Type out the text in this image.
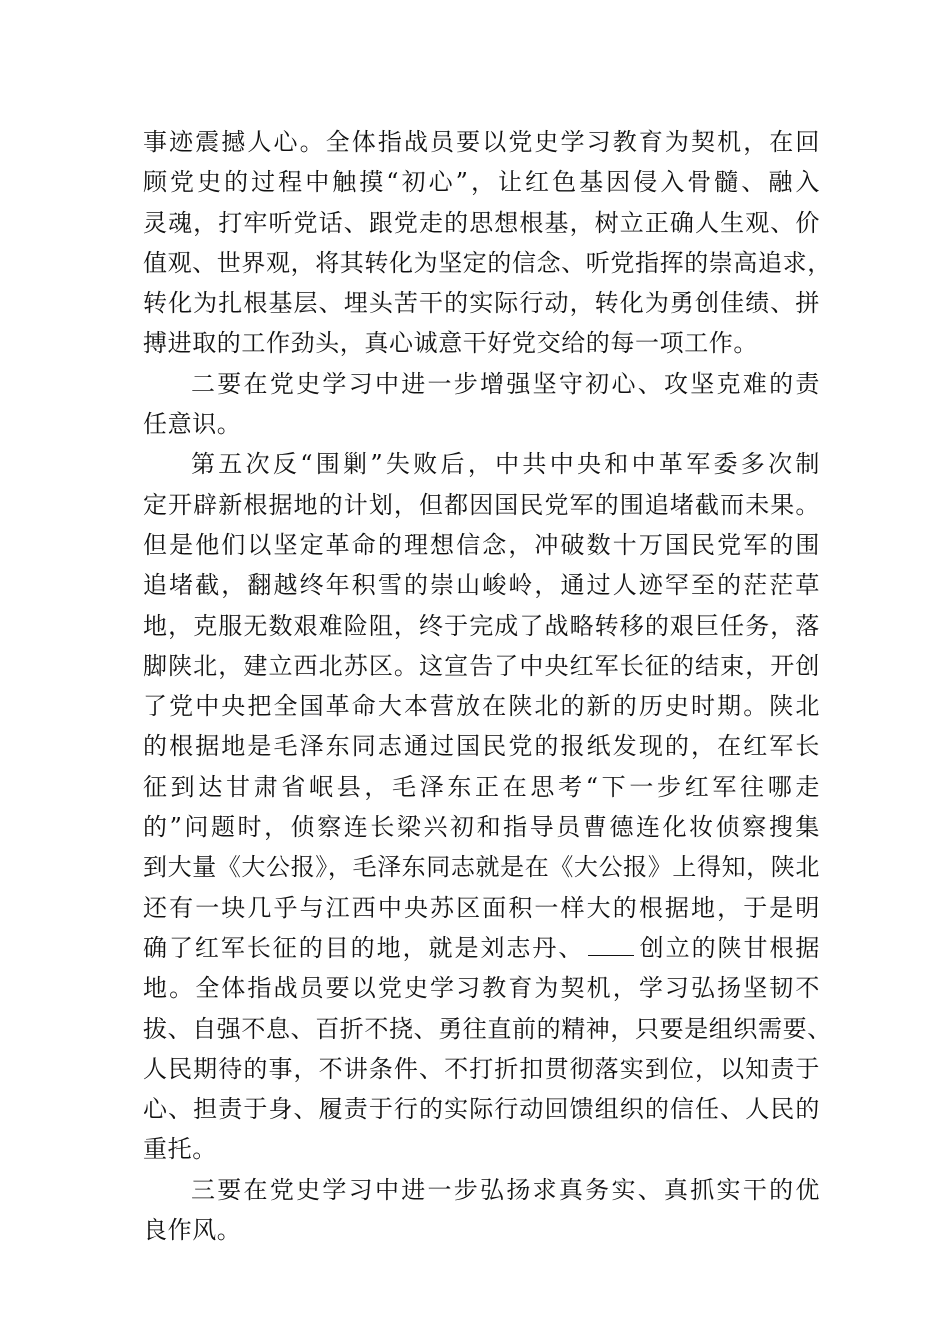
事迹震撼人心。全体指战员要以党史学习教育为契机，在回
顾党史的过程中触摸“初心”，让红色基因侵入骨髓、融入
灵魂，打牢听党话、跟党走的思想根基，树立正确人生观、价
值观、世界观，将其转化为坚定的信念、听党指挥的崇高追求，
转化为扎根基层、埋头苦干的实际行动，转化为勇创佳绩、拼
搏进取的工作劲头，真心诚意干好党交给的每一项工作。
二要在党史学习中进一步增强坚守初心、攻坚克难的责
任意识。
第五次反“围剿”失败后，中共中央和中革军委多次制
定开辟新根据地的计划，但都因国民党军的围追堵截而未果。
但是他们以坚定革命的理想信念，冲破数十万国民党军的围
追堵截，翻越终年积雪的崇山峻岭，通过人迹罕至的茫茫草
地，克服无数艰难险阻，终于完成了战略转移的艰巨任务，落
脚陕北，建立西北苏区。这宣告了中央红军长征的结束，开创
了党中央把全国革命大本营放在陕北的新的历史时期。陕北
的根据地是毛泽东同志通过国民党的报纸发现的，在红军长
征到达甘肃省岷县，毛泽东正在思考“下一步红军往哪走
的”问题时，侦察连长梁兴初和指导员曹德连化妆侦察搜集
到大量《大公报》，毛泽东同志就是在《大公报》上得知，陕北
还有一块几乎与江西中央苏区面积一样大的根据地，于是明
确了红军长征的目的地，就是刘志丹、 创立的陕甘根据
地。全体指战员要以党史学习教育为契机，学习弘扬坚韧不
拔、自强不息、百折不挠、勇往直前的精神，只要是组织需要、
人民期待的事，不讲条件、不打折扣贯彻落实到位，以知责于
心、担责于身、履责于行的实际行动回馈组织的信任、人民的
重托。
三要在党史学习中进一步弘扬求真务实、真抓实干的优
良作风。
